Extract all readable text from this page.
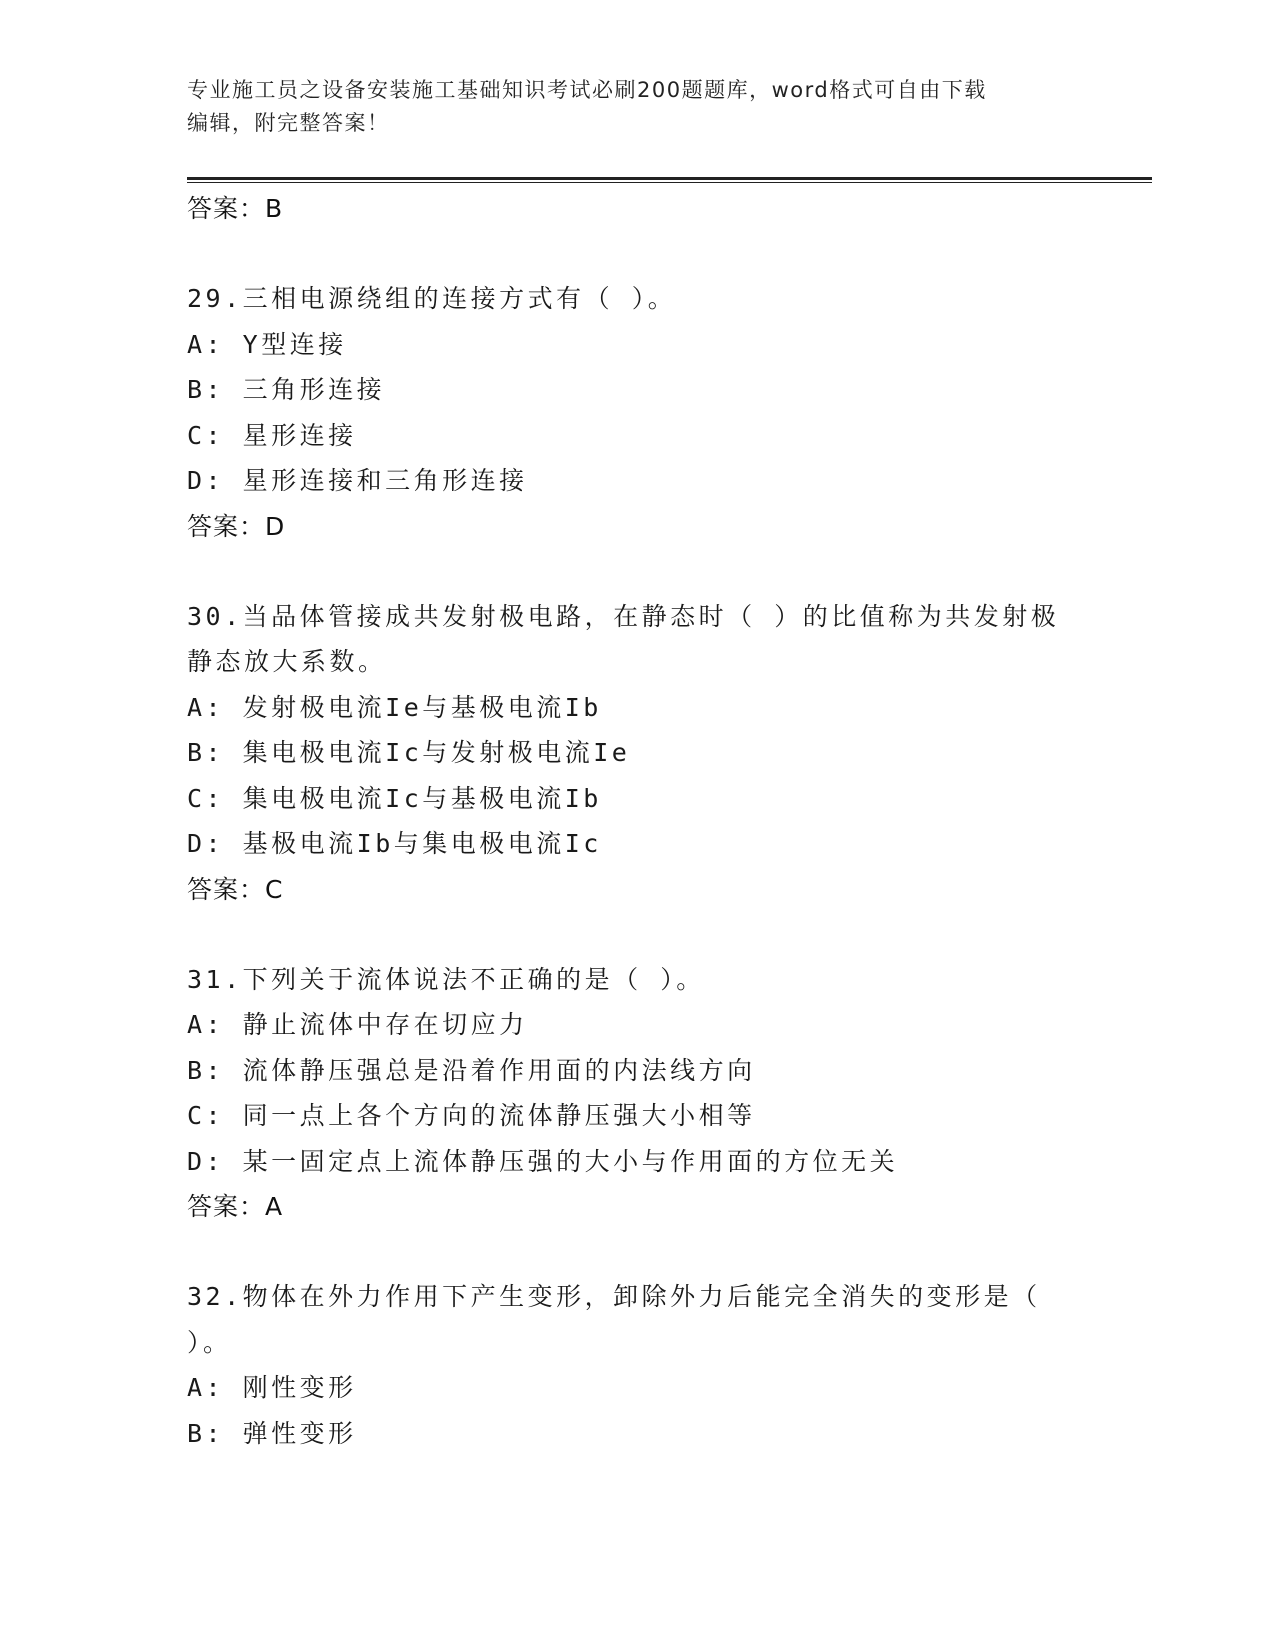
专业施工员之设备安装施工基础知识考试必刷200题题库，word格式可自由下载
编辑，附完整答案！
答案：B
29.三相电源绕组的连接方式有（ ）。
A: Y型连接
B: 三角形连接
C: 星形连接
D: 星形连接和三角形连接
答案：D
30.当品体管接成共发射极电路，在静态时（ ）的比值称为共发射极
静态放大系数。
A: 发射极电流Ie与基极电流Ib
B: 集电极电流Ic与发射极电流Ie
C: 集电极电流Ic与基极电流Ib
D: 基极电流Ib与集电极电流Ic
答案：C
31.下列关于流体说法不正确的是（ ）。
A: 静止流体中存在切应力
B: 流体静压强总是沿着作用面的内法线方向
C: 同一点上各个方向的流体静压强大小相等
D: 某一固定点上流体静压强的大小与作用面的方位无关
答案：A
32.物体在外力作用下产生变形，卸除外力后能完全消失的变形是（
）。
A: 刚性变形
B: 弹性变形
